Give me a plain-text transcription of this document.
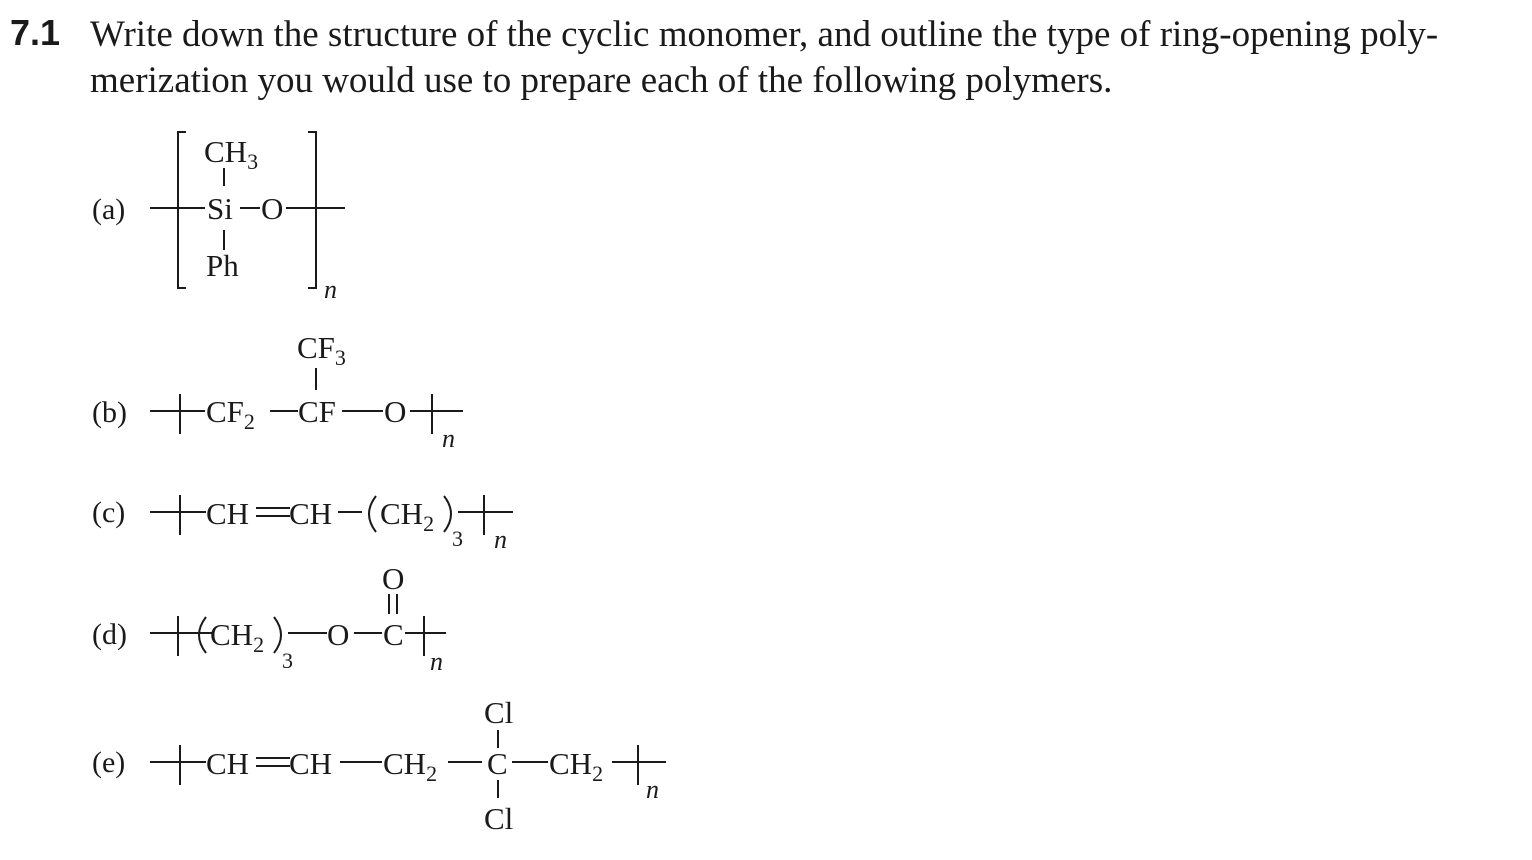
7.1 Write down the structure of the cyclic monomer, and outline the type of ring-opening poly-
merization you would use to prepare each of the following polymers.
(a)
$CH_3$
Si O
Ph
n
(b)	$CF_2$
$CF_3$
CF O
n
(c)	CH CH $CH_2$
3 n
(d)	$CH_2$
3
O
O
C
n
(e)	CH CH $CH_2$
Cl
C
Cl
$CH_2$
n
